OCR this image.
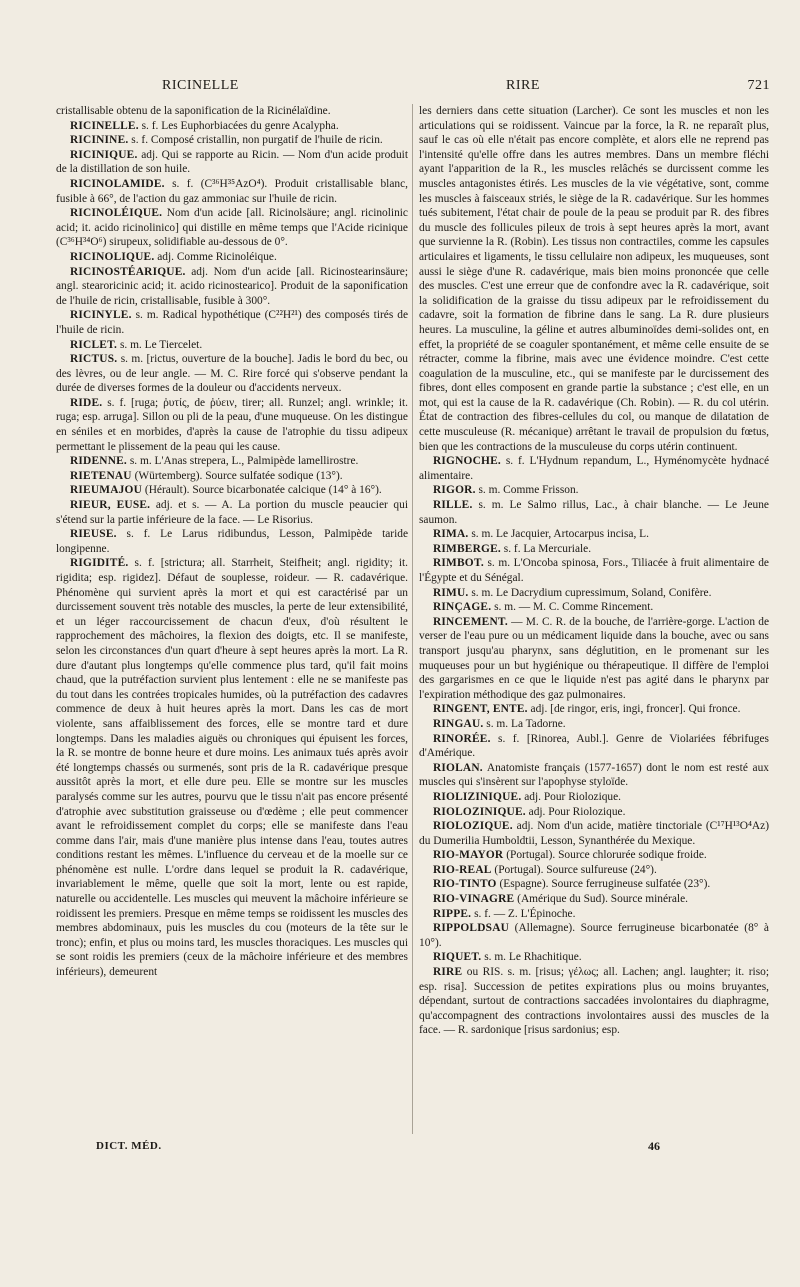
RICINELLE	RIRE	721

cristallisable obtenu de la saponification de la Ricinélaïdine.

RICINELLE. s. f. Les Euphorbiacées du genre Acalypha.

RICININE. s. f. Composé cristallin, non purgatif de l'huile de ricin.

RICINIQUE. adj. Qui se rapporte au Ricin. — Nom d'un acide produit de la distillation de son huile.

RICINOLAMIDE. s. f. (C³⁶H³⁵AzO⁴). Produit cristallisable blanc, fusible à 66°, de l'action du gaz ammoniac sur l'huile de ricin.

RICINOLÉIQUE. Nom d'un acide [all. Ricinolsäure; angl. ricinolinic acid; it. acido ricinolinico] qui distille en même temps que l'Acide ricinique (C³⁶H³⁴O⁶) sirupeux, solidifiable au-dessous de 0°.

RICINOLIQUE. adj. Comme Ricinoléique.

RICINOSTÉARIQUE. adj. Nom d'un acide [all. Ricinostearinsäure; angl. stearoricinic acid; it. acido ricinostearico]. Produit de la saponification de l'huile de ricin, cristallisable, fusible à 300°.

RICINYLE. s. m. Radical hypothétique (C²²H²¹) des composés tirés de l'huile de ricin.

RICLET. s. m. Le Tiercelet.

RICTUS. s. m. [rictus, ouverture de la bouche]. Jadis le bord du bec, ou des lèvres, ou de leur angle. — M. C. Rire forcé qui s'observe pendant la durée de diverses formes de la douleur ou d'accidents nerveux.

RIDE. s. f. [ruga; ῥυτίς, de ῥύειν, tirer; all. Runzel; angl. wrinkle; it. ruga; esp. arruga]. Sillon ou pli de la peau, d'une muqueuse. On les distingue en séniles et en morbides, d'après la cause de l'atrophie du tissu adipeux permettant le plissement de la peau qui les cause.

RIDENNE. s. m. L'Anas strepera, L., Palmipède lamellirostre.

RIETENAU (Würtemberg). Source sulfatée sodique (13°).

RIEUMAJOU (Hérault). Source bicarbonatée calcique (14° à 16°).

RIEUR, EUSE. adj. et s. — A. La portion du muscle peaucier qui s'étend sur la partie inférieure de la face. — Le Risorius.

RIEUSE. s. f. Le Larus ridibundus, Lesson, Palmipède taride longipenne.

RIGIDITÉ. s. f. [strictura; all. Starrheit, Steifheit; angl. rigidity; it. rigidita; esp. rigidez]. Défaut de souplesse, roideur. — R. cadavérique. Phénomène qui survient après la mort et qui est caractérisé par un durcissement souvent très notable des muscles, la perte de leur extensibilité, et un léger raccourcissement de chacun d'eux, d'où résultent le rapprochement des mâchoires, la flexion des doigts, etc. Il se manifeste, selon les circonstances d'un quart d'heure à sept heures après la mort. La R. dure d'autant plus longtemps qu'elle commence plus tard, qu'il fait moins chaud, que la putréfaction survient plus lentement : elle ne se manifeste pas du tout dans les contrées tropicales humides, où la putréfaction des cadavres commence de deux à huit heures après la mort. Dans les cas de mort violente, sans affaiblissement des forces, elle se montre tard et dure longtemps. Dans les maladies aiguës ou chroniques qui épuisent les forces, la R. se montre de bonne heure et dure moins. Les animaux tués après avoir été longtemps chassés ou surmenés, sont pris de la R. cadavérique presque aussitôt après la mort, et elle dure peu. Elle se montre sur les muscles paralysés comme sur les autres, pourvu que le tissu n'ait pas encore présenté d'atrophie avec substitution graisseuse ou d'œdème ; elle peut commencer avant le refroidissement complet du corps; elle se manifeste dans l'eau comme dans l'air, mais d'une manière plus intense dans l'eau, toutes autres conditions restant les mêmes. L'influence du cerveau et de la moelle sur ce phénomène est nulle. L'ordre dans lequel se produit la R. cadavérique, invariablement le même, quelle que soit la mort, lente ou est rapide, naturelle ou accidentelle. Les muscles qui meuvent la mâchoire inférieure se roidissent les premiers. Presque en même temps se roidissent les muscles des membres abdominaux, puis les muscles du cou (moteurs de la tête sur le tronc); enfin, et plus ou moins tard, les muscles thoraciques. Les muscles qui se sont roidis les premiers (ceux de la mâchoire inférieure et des membres inférieurs), demeurent

les derniers dans cette situation (Larcher). Ce sont les muscles et non les articulations qui se roidissent. Vaincue par la force, la R. ne reparaît plus, sauf le cas où elle n'était pas encore complète, et alors elle ne reprend pas l'intensité qu'elle offre dans les autres membres. Dans un membre fléchi ayant l'apparition de la R., les muscles relâchés se durcissent comme les muscles antagonistes étirés. Les muscles de la vie végétative, sont, comme les muscles à faisceaux striés, le siège de la R. cadavérique. Sur les hommes tués subitement, l'état chair de poule de la peau se produit par R. des fibres du muscle des follicules pileux de trois à sept heures après la mort, avant que survienne la R. (Robin). Les tissus non contractiles, comme les capsules articulaires et ligaments, le tissu cellulaire non adipeux, les muqueuses, sont aussi le siège d'une R. cadavérique, mais bien moins prononcée que celle des muscles. C'est une erreur que de confondre avec la R. cadavérique, soit la solidification de la graisse du tissu adipeux par le refroidissement du cadavre, soit la formation de fibrine dans le sang. La R. dure plusieurs heures. La musculine, la géline et autres albuminoïdes demi-solides ont, en effet, la propriété de se coaguler spontanément, et même celle ensuite de se rétracter, comme la fibrine, mais avec une évidence moindre. C'est cette coagulation de la musculine, etc., qui se manifeste par le durcissement des fibres, dont elles composent en grande partie la substance ; c'est elle, en un mot, qui est la cause de la R. cadavérique (Ch. Robin). — R. du col utérin. État de contraction des fibres-cellules du col, ou manque de dilatation de cette musculeuse (R. mécanique) arrêtant le travail de propulsion du fœtus, bien que les contractions de la musculeuse du corps utérin continuent.

RIGNOCHE. s. f. L'Hydnum repandum, L., Hyménomycète hydnacé alimentaire.

RIGOR. s. m. Comme Frisson.

RILLE. s. m. Le Salmo rillus, Lac., à chair blanche. — Le Jeune saumon.

RIMA. s. m. Le Jacquier, Artocarpus incisa, L.

RIMBERGE. s. f. La Mercuriale.

RIMBOT. s. m. L'Oncoba spinosa, Fors., Tiliacée à fruit alimentaire de l'Égypte et du Sénégal.

RIMU. s. m. Le Dacrydium cupressimum, Soland, Conifère.

RINÇAGE. s. m. — M. C. Comme Rincement.

RINCEMENT. — M. C. R. de la bouche, de l'arrière-gorge. L'action de verser de l'eau pure ou un médicament liquide dans la bouche, avec ou sans transport jusqu'au pharynx, sans déglutition, en le promenant sur les muqueuses pour un but hygiénique ou thérapeutique. Il diffère de l'emploi des gargarismes en ce que le liquide n'est pas agité dans le pharynx par l'expiration méthodique des gaz pulmonaires.

RINGENT, ENTE. adj. [de ringor, eris, ingi, froncer]. Qui fronce.

RINGAU. s. m. La Tadorne.

RINORÉE. s. f. [Rinorea, Aubl.]. Genre de Violariées fébrifuges d'Amérique.

RIOLAN. Anatomiste français (1577-1657) dont le nom est resté aux muscles qui s'insèrent sur l'apophyse styloïde.

RIOLIZINIQUE. adj. Pour Riolozique.

RIOLOZINIQUE. adj. Pour Riolozique.

RIOLOZIQUE. adj. Nom d'un acide, matière tinctoriale (C¹⁷H¹³O⁴Az) du Dumerilia Humboldtii, Lesson, Synanthérée du Mexique.

RIO-MAYOR (Portugal). Source chlorurée sodique froide.

RIO-REAL (Portugal). Source sulfureuse (24°).

RIO-TINTO (Espagne). Source ferrugineuse sulfatée (23°).

RIO-VINAGRE (Amérique du Sud). Source minérale.

RIPPE. s. f. — Z. L'Épinoche.

RIPPOLDSAU (Allemagne). Source ferrugineuse bicarbonatée (8° à 10°).

RIQUET. s. m. Le Rhachitique.

RIRE ou RIS. s. m. [risus; γέλως; all. Lachen; angl. laughter; it. riso; esp. risa]. Succession de petites expirations plus ou moins bruyantes, dépendant, surtout de contractions saccadées involontaires du diaphragme, qu'accompagnent des contractions involontaires aussi des muscles de la face. — R. sardonique [risus sardonius; esp.

DICT. MÉD.	46
